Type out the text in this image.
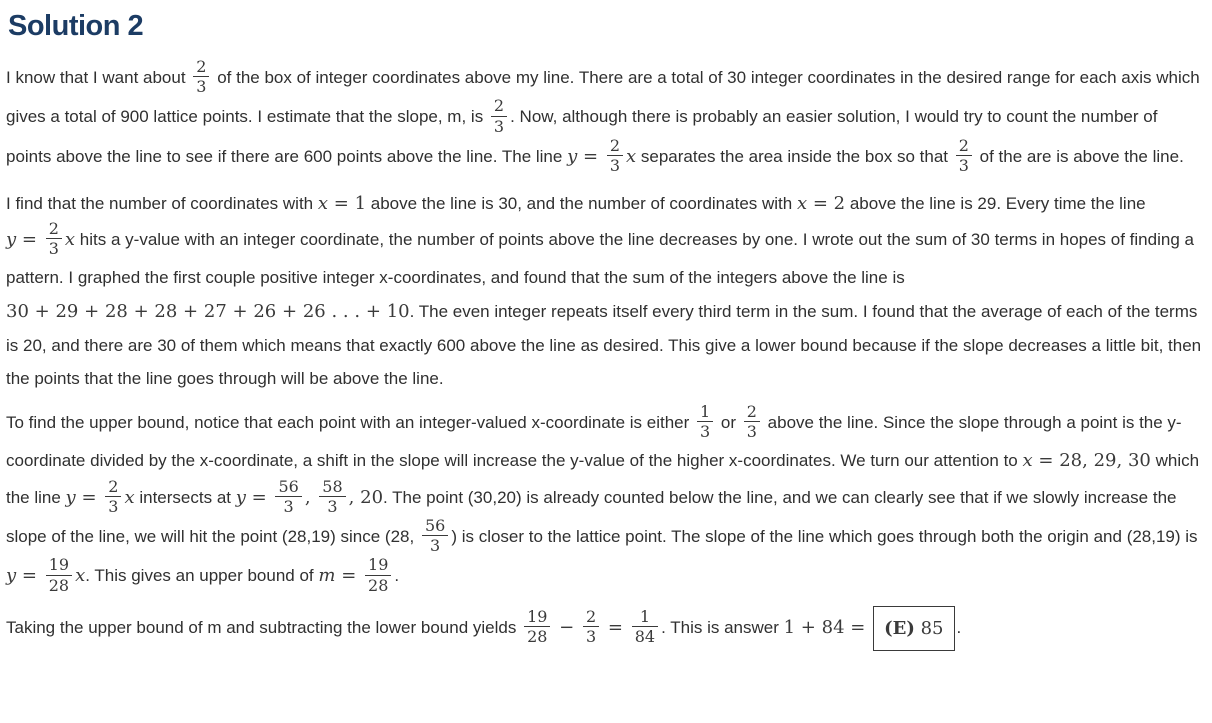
Solution 2

I know that I want about $\frac{2}{3}$ of the box of integer coordinates above my line. There are a total of 30 integer coordinates in the desired range for each axis which gives a total of 900 lattice points. I estimate that the slope, m, is $\frac{2}{3}$ . Now, although there is probably an easier solution, I would try to count the number of points above the line to see if there are 600 points above the line. The line $y = \frac{2}{3}$ x separates the area inside the box so that $\frac{2}{3}$ of the are is above the line.

I find that the number of coordinates with x = 1 above the line is 30, and the number of coordinates with x = 2 above the line is 29. Every time the line $y = \frac{2}{3}$ x hits a y-value with an integer coordinate, the number of points above the line decreases by one. I wrote out the sum of 30 terms in hopes of finding a pattern. I graphed the first couple positive integer x-coordinates, and found that the sum of the integers above the line is 30 + 29 + 28 + 28 + 27 + 26 + 26 . . . + 10. The even integer repeats itself every third term in the sum. I found that the average of each of the terms is 20, and there are 30 of them which means that exactly 600 above the line as desired. This give a lower bound because if the slope decreases a little bit, then the points that the line goes through will be above the line.

To find the upper bound, notice that each point with an integer-valued x-coordinate is either $\frac{1}{3}$ or $\frac{2}{3}$ above the line. Since the slope through a point is the y-coordinate divided by the x-coordinate, a shift in the slope will increase the y-value of the higher x-coordinates. We turn our attention to x = 28, 29, 30 which the line $y = \frac{2}{3}$ x intersects at $y = \frac{56}{3}$ , $\frac{58}{3}$ , 20. The point (30,20) is already counted below the line, and we can clearly see that if we slowly increase the slope of the line, we will hit the point (28,19) since (28, $\frac{56}{3}$ ) is closer to the lattice point. The slope of the line which goes through both the origin and (28,19) is $y = \frac{19}{28} x$. This gives an upper bound of $m = \frac{19}{28}$ .

Taking the upper bound of m and subtracting the lower bound yields $\frac{19}{28} - \frac{2}{3} = \frac{1}{84}$ . This is answer 1 + 84 = (E) 85 .
